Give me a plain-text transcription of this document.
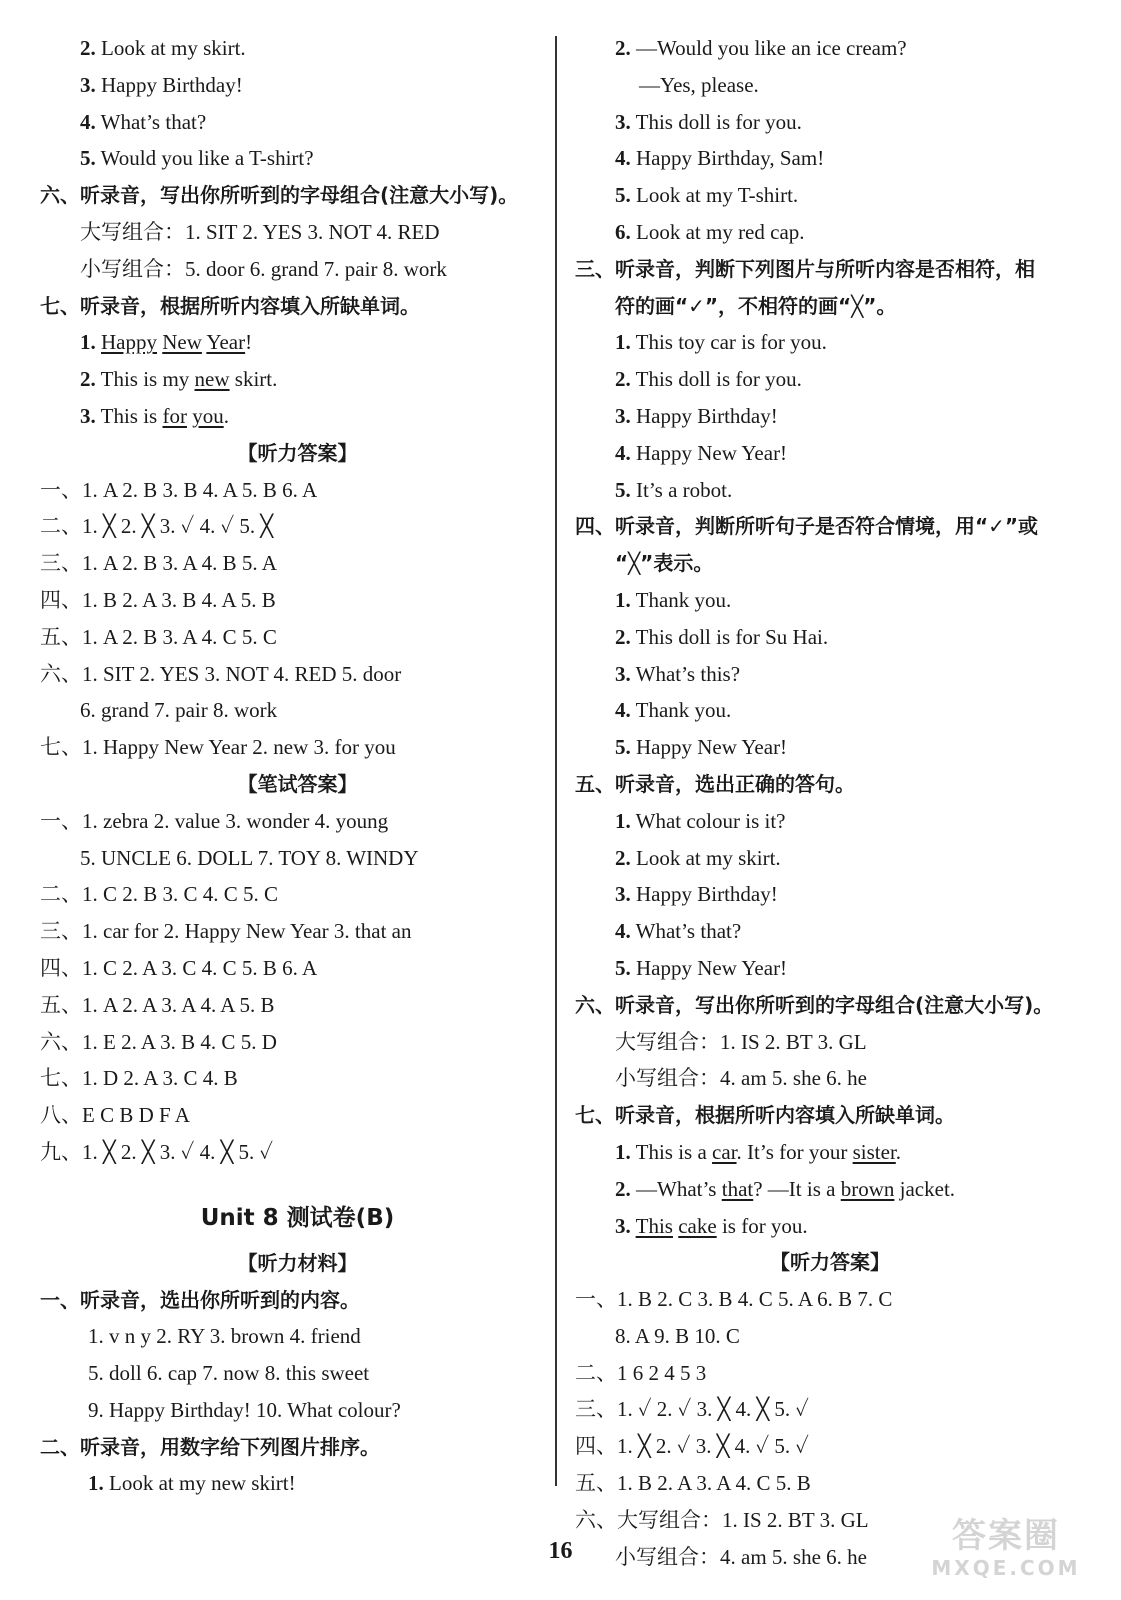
2. Look at my skirt.
3. Happy Birthday!
4. What’s that?
5. Would you like a T-shirt?
六、听录音，写出你所听到的字母组合(注意大小写)。
大写组合：1. SIT 2. YES 3. NOT 4. RED
小写组合：5. door 6. grand 7. pair 8. work
七、听录音，根据所听内容填入所缺单词。
1. Happy New Year!
2. This is my new skirt.
3. This is for you.
【听力答案】
一、1. A 2. B 3. B 4. A 5. B 6. A
二、1. ╳ 2. ╳ 3. ✓ 4. ✓ 5. ╳
三、1. A 2. B 3. A 4. B 5. A
四、1. B 2. A 3. B 4. A 5. B
五、1. A 2. B 3. A 4. C 5. C
六、1. SIT 2. YES 3. NOT 4. RED 5. door
6. grand 7. pair 8. work
七、1. Happy New Year 2. new 3. for you
【笔试答案】
一、1. zebra 2. value 3. wonder 4. young
5. UNCLE 6. DOLL 7. TOY 8. WINDY
二、1. C 2. B 3. C 4. C 5. C
三、1. car for 2. Happy New Year 3. that an
四、1. C 2. A 3. C 4. C 5. B 6. A
五、1. A 2. A 3. A 4. A 5. B
六、1. E 2. A 3. B 4. C 5. D
七、1. D 2. A 3. C 4. B
八、E C B D F A
九、1. ╳ 2. ╳ 3. ✓ 4. ╳ 5. ✓
Unit 8 测试卷(B)
【听力材料】
一、听录音，选出你所听到的内容。
1. v n y 2. RY 3. brown 4. friend
5. doll 6. cap 7. now 8. this sweet
9. Happy Birthday! 10. What colour?
二、听录音，用数字给下列图片排序。
1. Look at my new skirt!
2. —Would you like an ice cream?
—Yes, please.
3. This doll is for you.
4. Happy Birthday, Sam!
5. Look at my T-shirt.
6. Look at my red cap.
三、听录音，判断下列图片与所听内容是否相符，相
符的画“✓”，不相符的画“╳”。
1. This toy car is for you.
2. This doll is for you.
3. Happy Birthday!
4. Happy New Year!
5. It’s a robot.
四、听录音，判断所听句子是否符合情境，用“✓”或
“╳”表示。
1. Thank you.
2. This doll is for Su Hai.
3. What’s this?
4. Thank you.
5. Happy New Year!
五、听录音，选出正确的答句。
1. What colour is it?
2. Look at my skirt.
3. Happy Birthday!
4. What’s that?
5. Happy New Year!
六、听录音，写出你所听到的字母组合(注意大小写)。
大写组合：1. IS 2. BT 3. GL
小写组合：4. am 5. she 6. he
七、听录音，根据所听内容填入所缺单词。
1. This is a car. It’s for your sister.
2. —What’s that? —It is a brown jacket.
3. This cake is for you.
【听力答案】
一、1. B 2. C 3. B 4. C 5. A 6. B 7. C
8. A 9. B 10. C
二、1 6 2 4 5 3
三、1. ✓ 2. ✓ 3. ╳ 4. ╳ 5. ✓
四、1. ╳ 2. ✓ 3. ╳ 4. ✓ 5. ✓
五、1. B 2. A 3. A 4. C 5. B
六、大写组合：1. IS 2. BT 3. GL
小写组合：4. am 5. she 6. he
16	答案圈
MXQE.COM
